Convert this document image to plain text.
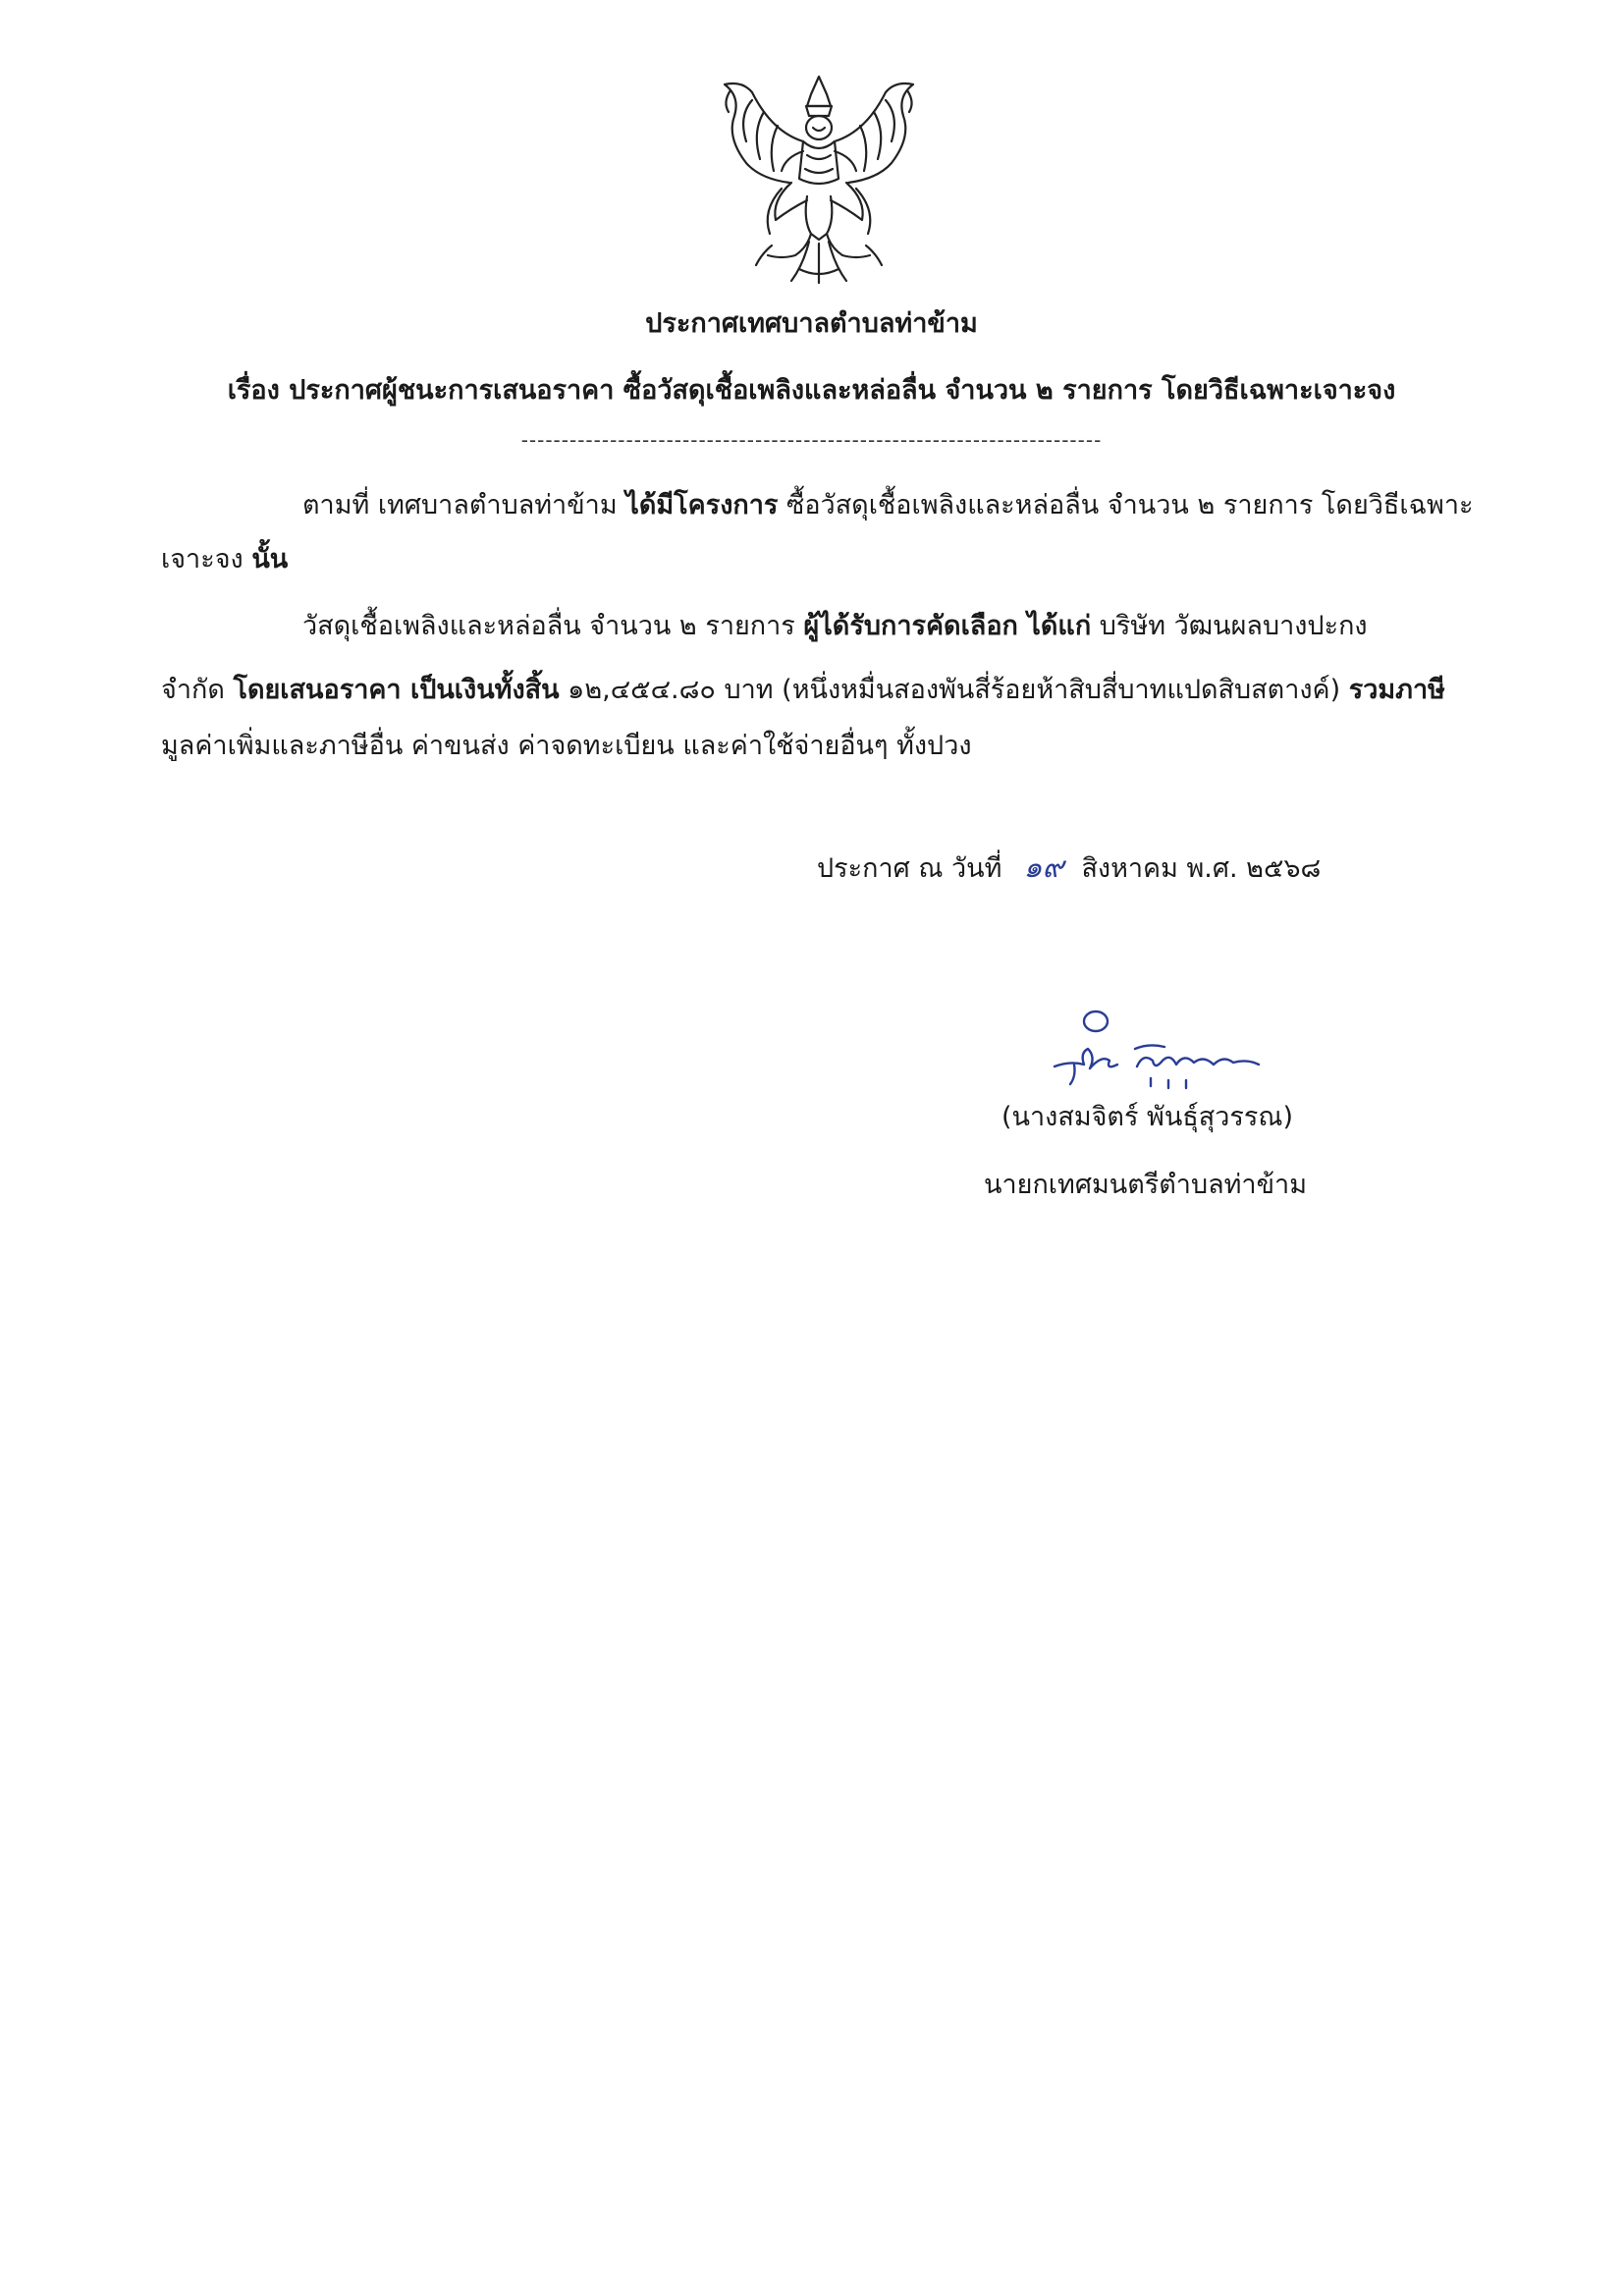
ประกาศเทศบาลตำบลท่าข้าม
เรื่อง ประกาศผู้ชนะการเสนอราคา ซื้อวัสดุเชื้อเพลิงและหล่อลื่น จำนวน ๒ รายการ โดยวิธีเฉพาะเจาะจง
------------------------------------------------------------------------
ตามที่ เทศบาลตำบลท่าข้าม ได้มีโครงการ ซื้อวัสดุเชื้อเพลิงและหล่อลื่น จำนวน ๒ รายการ โดยวิธีเฉพาะ
เจาะจง นั้น
วัสดุเชื้อเพลิงและหล่อลื่น จำนวน ๒ รายการ ผู้ได้รับการคัดเลือก ได้แก่ บริษัท วัฒนผลบางปะกง
จำกัด โดยเสนอราคา เป็นเงินทั้งสิ้น ๑๒,๔๕๔.๘๐ บาท (หนึ่งหมื่นสองพันสี่ร้อยห้าสิบสี่บาทแปดสิบสตางค์) รวมภาษี
มูลค่าเพิ่มและภาษีอื่น ค่าขนส่ง ค่าจดทะเบียน และค่าใช้จ่ายอื่นๆ ทั้งปวง
ประกาศ ณ วันที่ ๑๙ สิงหาคม พ.ศ. ๒๕๖๘
(นางสมจิตร์ พันธุ์สุวรรณ)
นายกเทศมนตรีตำบลท่าข้าม
